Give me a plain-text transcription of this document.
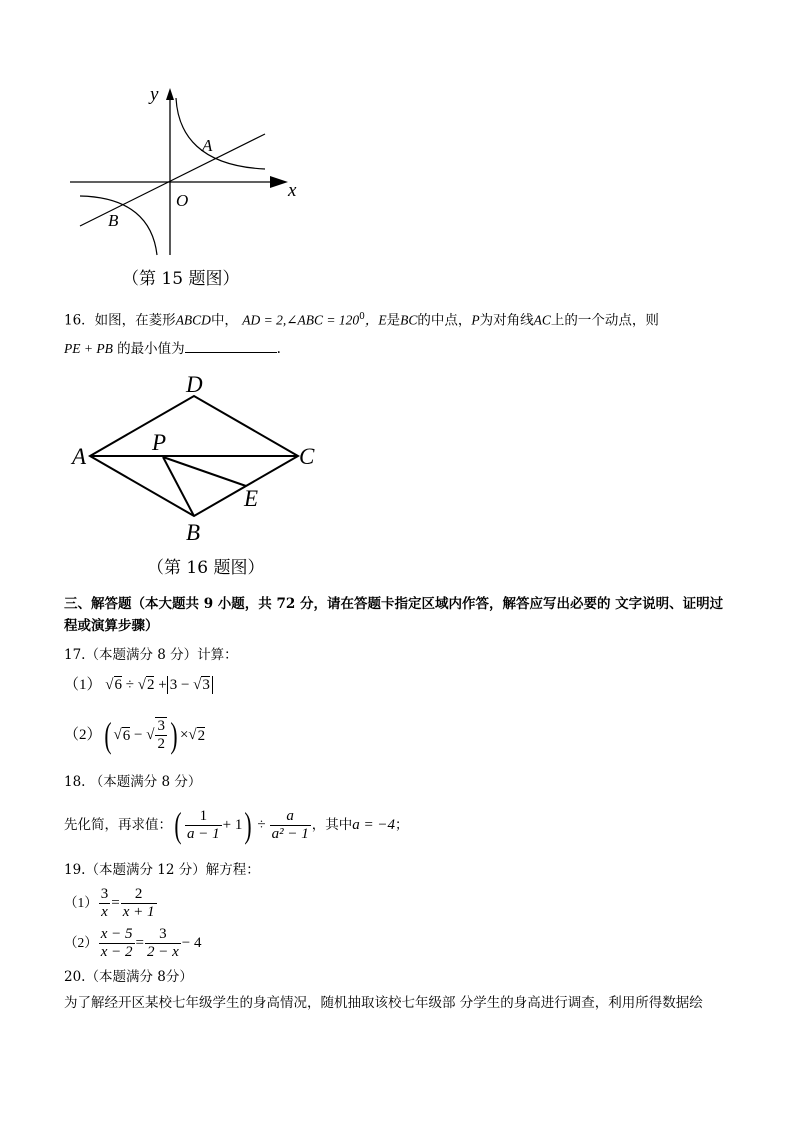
y
x
O
A
B
（第 15 题图）
16．如图，在菱形ABCD中， AD = 2,∠ABC = $120^0$，E是BC的中点，P为对角线AC上的一个动点，则
PE + PB 的最小值为	.
D
A
P
C
E
B
（第 16 题图）
三、解答题（本大题共 9 小题，共 72 分，请在答题卡指定区域内作答，解答应写出必要的 文字说明、证明过
程或演算步骤）
17.（本题满分 8 分）计算：
（1） √6 ÷ √2 + 3 − √3
（2） ( √ 6
− √ $\frac{3}{2}$ ) × √ 2
18. （本题满分 8 分）
先化简，再求值： ( $\frac{1}{a - 1} + 1$ ) ÷ $\frac{a}{\text{a² − 1}}$ ，其中 a = −4 ；
19.（本题满分 12 分）解方程：
$(1) \frac{3}{x} = \frac{2}{x + 1}$
$(2) \frac{x - 5}{x - 2} = \frac{3}{2 - x} - 4$
20.（本题满分 8分）
为了解经开区某校七年级学生的身高情况，随机抽取该校七年级部 分学生的身高进行调查，利用所得数据绘
